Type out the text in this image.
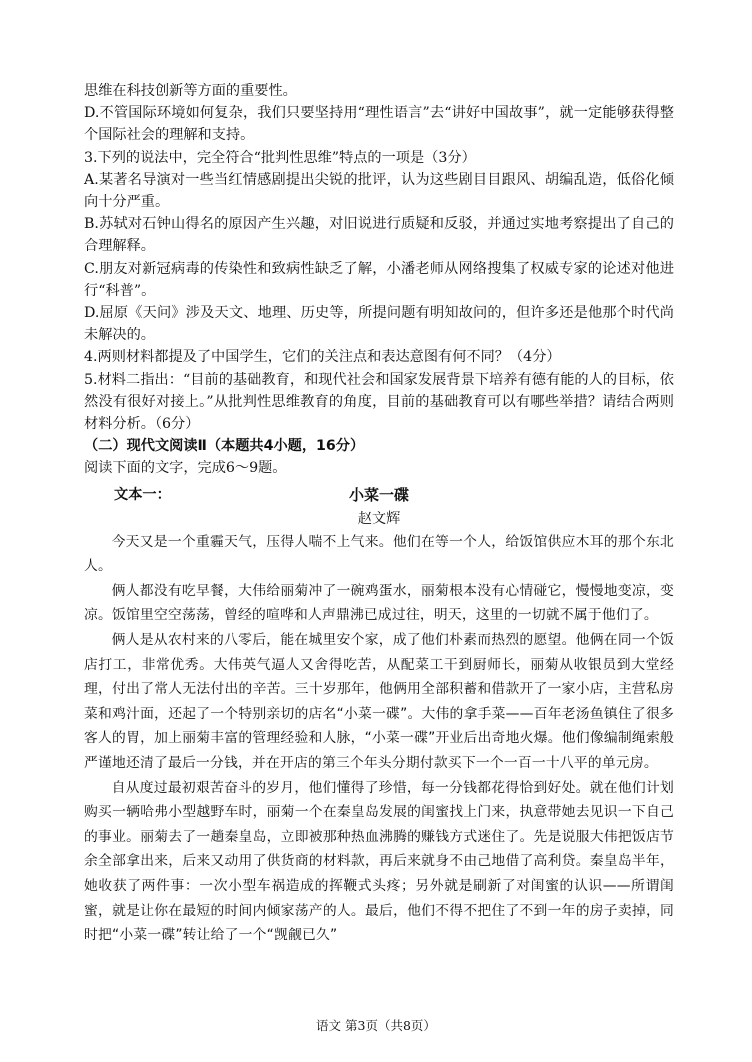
思维在科技创新等方面的重要性。

D.不管国际环境如何复杂，我们只要坚持用“理性语言”去“讲好中国故事”，就一定能够获得整个国际社会的理解和支持。

3.下列的说法中，完全符合“批判性思维”特点的一项是（3分）

A.某著名导演对一些当红情感剧提出尖锐的批评，认为这些剧目目跟风、胡编乱造，低俗化倾向十分严重。

B.苏轼对石钟山得名的原因产生兴趣，对旧说进行质疑和反驳，并通过实地考察提出了自己的合理解释。

C.朋友对新冠病毒的传染性和致病性缺乏了解，小潘老师从网络搜集了权威专家的论述对他进行“科普”。

D.屈原《天问》涉及天文、地理、历史等，所提问题有明知故问的，但许多还是他那个时代尚未解决的。

4.两则材料都提及了中国学生，它们的关注点和表达意图有何不同？（4分）

5.材料二指出：“目前的基础教育，和现代社会和国家发展背景下培养有德有能的人的目标，依然没有很好对接上。”从批判性思维教育的角度，目前的基础教育可以有哪些举措？请结合两则材料分析。（6分）

（二）现代文阅读Ⅱ（本题共4小题，16分）

阅读下面的文字，完成6～9题。

文本一：	小菜一碟
赵文辉

今天又是一个重霾天气，压得人喘不上气来。他们在等一个人，给饭馆供应木耳的那个东北人。

俩人都没有吃早餐，大伟给丽菊冲了一碗鸡蛋水，丽菊根本没有心情碰它，慢慢地变凉，变凉。饭馆里空空荡荡，曾经的喧哗和人声鼎沸已成过往，明天，这里的一切就不属于他们了。

俩人是从农村来的八零后，能在城里安个家，成了他们朴素而热烈的愿望。他俩在同一个饭店打工，非常优秀。大伟英气逼人又舍得吃苦，从配菜工干到厨师长，丽菊从收银员到大堂经理，付出了常人无法付出的辛苦。三十岁那年，他俩用全部积蓄和借款开了一家小店，主营私房菜和鸡汁面，还起了一个特别亲切的店名“小菜一碟”。大伟的拿手菜——百年老汤鱼镇住了很多客人的胃，加上丽菊丰富的管理经验和人脉，“小菜一碟”开业后出奇地火爆。他们像编制绳索般严谨地还清了最后一分钱，并在开店的第三个年头分期付款买下一个一百一十八平的单元房。

自从度过最初艰苦奋斗的岁月，他们懂得了珍惜，每一分钱都花得恰到好处。就在他们计划购买一辆哈弗小型越野车时，丽菊一个在秦皇岛发展的闺蜜找上门来，执意带她去见识一下自己的事业。丽菊去了一趟秦皇岛，立即被那种热血沸腾的赚钱方式迷住了。先是说服大伟把饭店节余全部拿出来，后来又动用了供货商的材料款，再后来就身不由己地借了高利贷。秦皇岛半年，她收获了两件事：一次小型车祸造成的挥鞭式头疼；另外就是刷新了对闺蜜的认识——所谓闺蜜，就是让你在最短的时间内倾家荡产的人。最后，他们不得不把住了不到一年的房子卖掉，同时把“小菜一碟”转让给了一个“觊觎已久”

语文 第3页（共8页）
